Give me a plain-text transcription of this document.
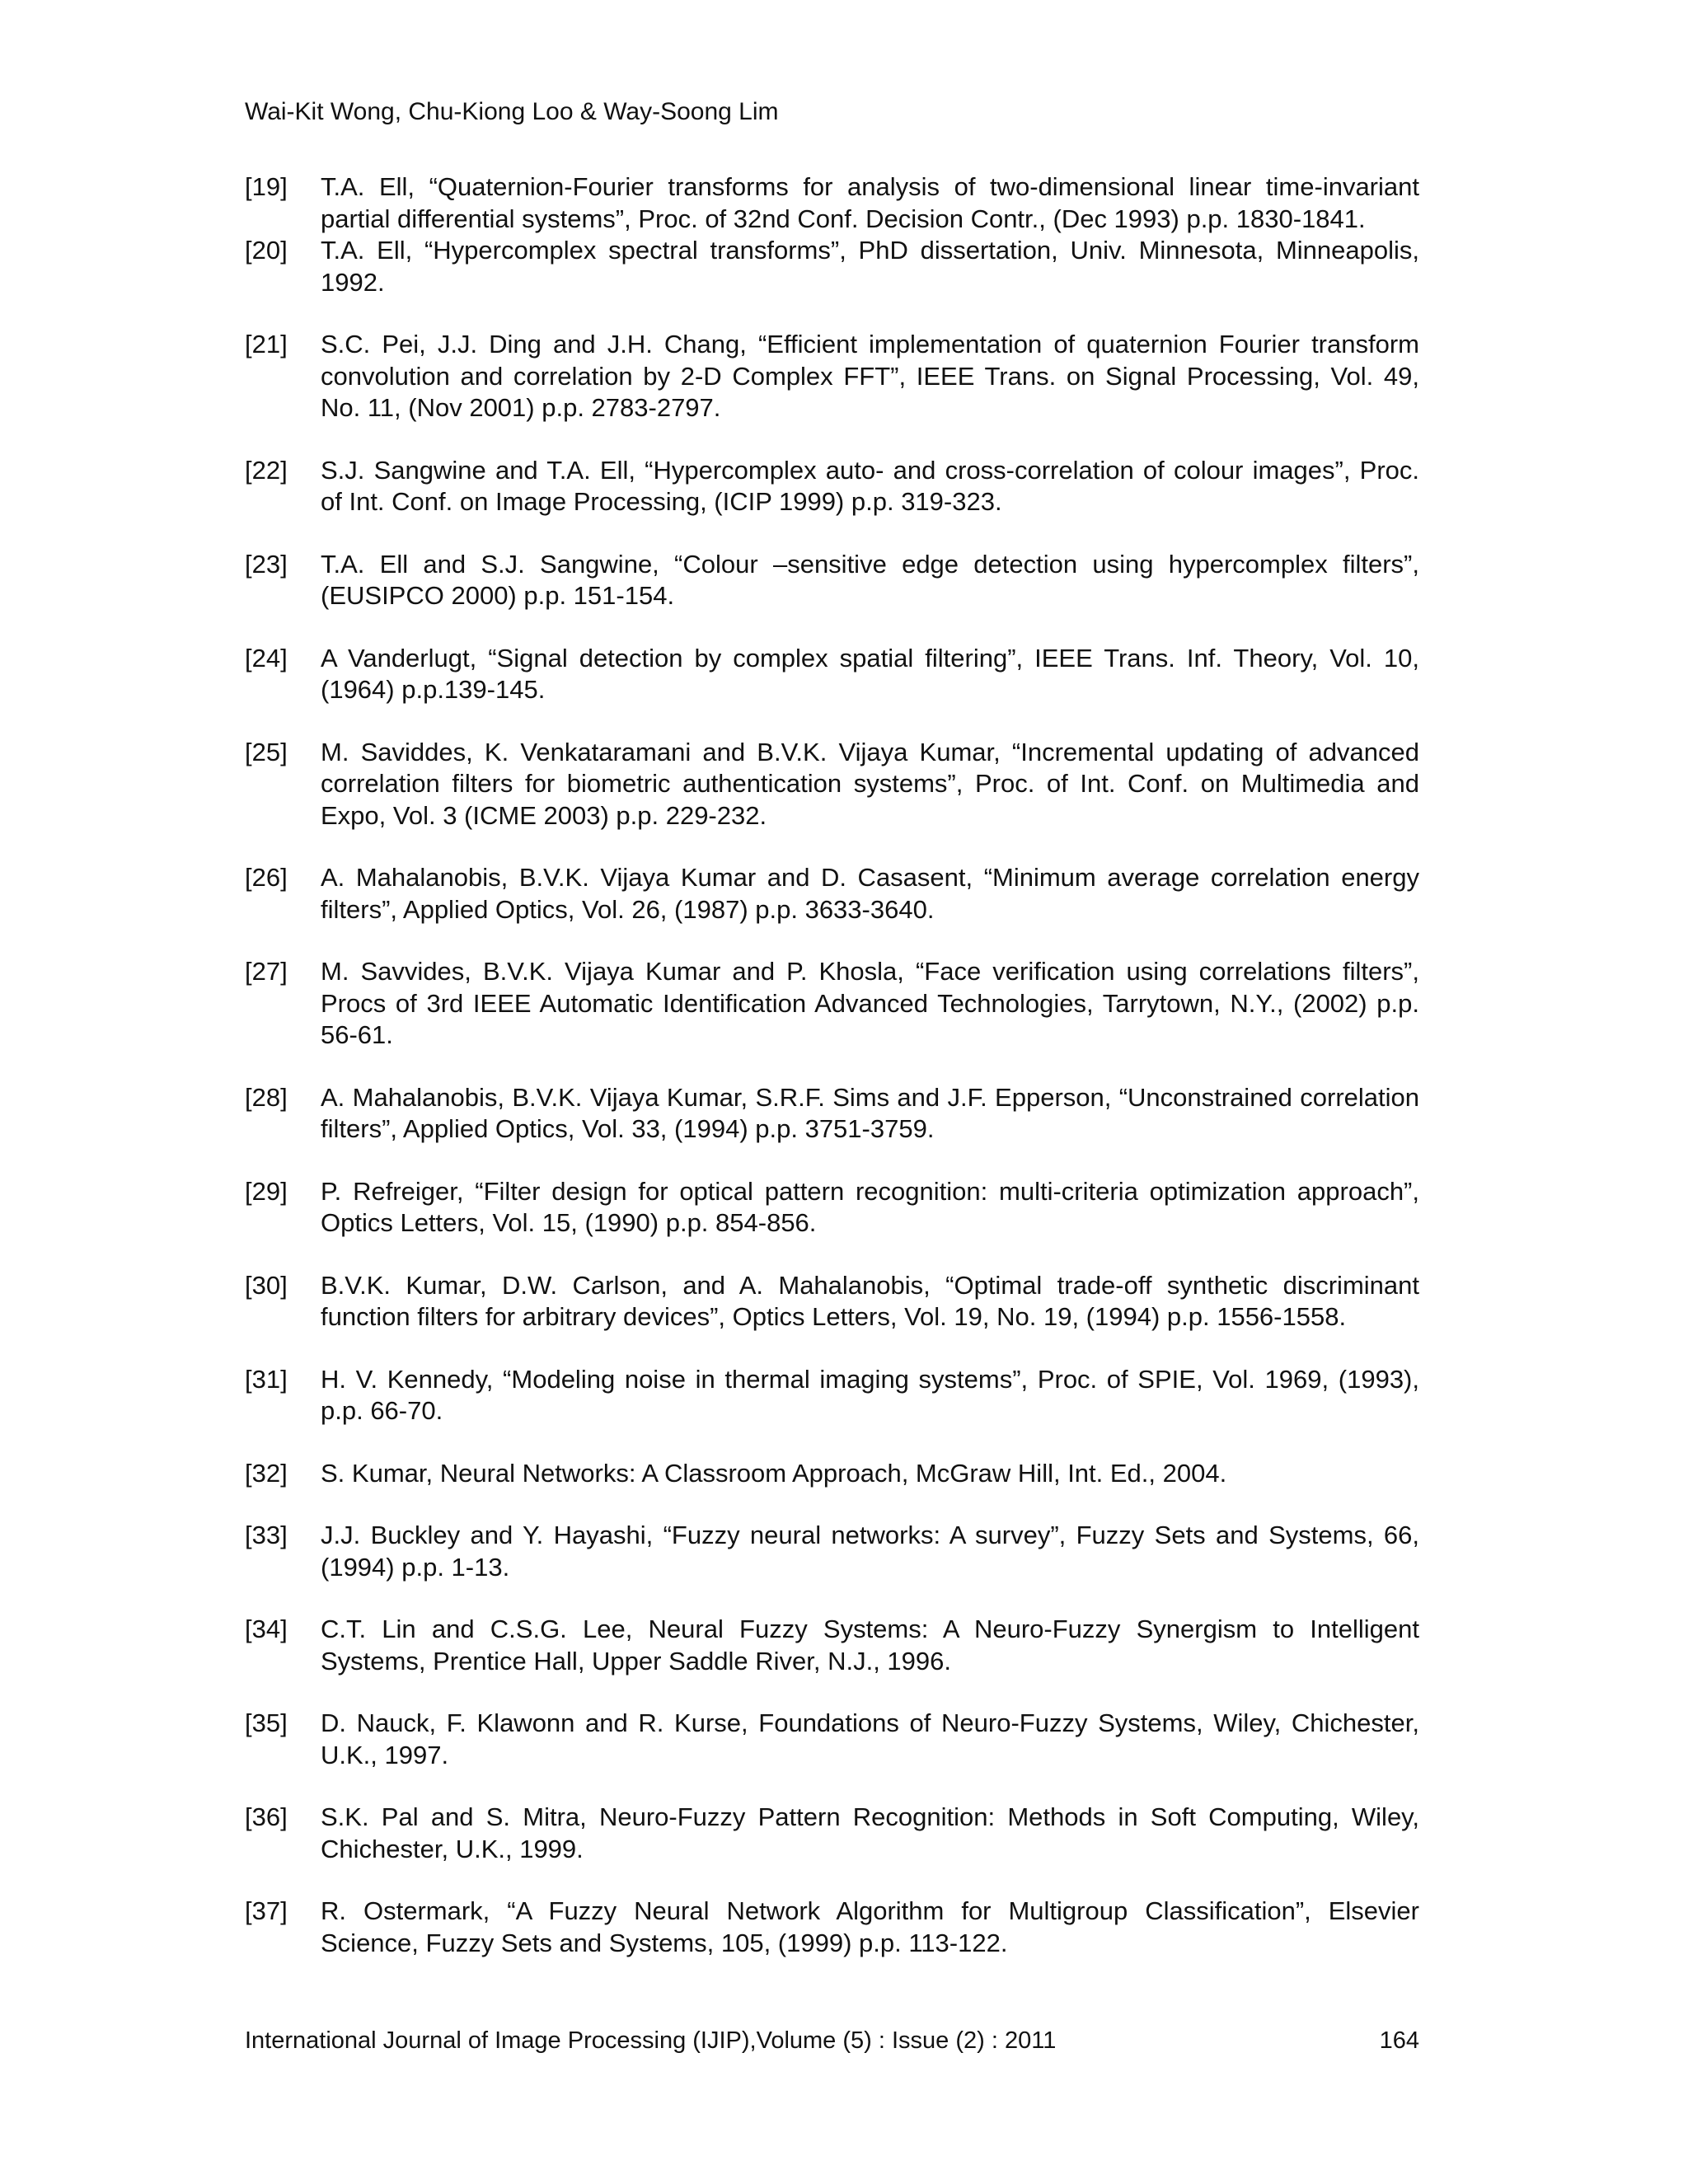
Wai-Kit Wong, Chu-Kiong Loo & Way-Soong Lim
[19] T.A. Ell, “Quaternion-Fourier transforms for analysis of two-dimensional linear time-invariant partial differential systems”, Proc. of 32nd Conf. Decision Contr., (Dec 1993) p.p. 1830-1841.
[20] T.A. Ell, “Hypercomplex spectral transforms”, PhD dissertation, Univ. Minnesota, Minneapolis, 1992.
[21] S.C. Pei, J.J. Ding and J.H. Chang, “Efficient implementation of quaternion Fourier transform convolution and correlation by 2-D Complex FFT”, IEEE Trans. on Signal Processing, Vol. 49, No. 11, (Nov 2001) p.p. 2783-2797.
[22] S.J. Sangwine and T.A. Ell, “Hypercomplex auto- and cross-correlation of colour images”, Proc. of Int. Conf. on Image Processing, (ICIP 1999) p.p. 319-323.
[23] T.A. Ell and S.J. Sangwine, “Colour –sensitive edge detection using hypercomplex filters”, (EUSIPCO 2000) p.p. 151-154.
[24] A Vanderlugt, “Signal detection by complex spatial filtering”, IEEE Trans. Inf. Theory, Vol. 10, (1964) p.p.139-145.
[25] M. Saviddes, K. Venkataramani and B.V.K. Vijaya Kumar, “Incremental updating of advanced correlation filters for biometric authentication systems”, Proc. of Int. Conf. on Multimedia and Expo, Vol. 3 (ICME 2003) p.p. 229-232.
[26] A. Mahalanobis, B.V.K. Vijaya Kumar and D. Casasent, “Minimum average correlation energy filters”, Applied Optics, Vol. 26, (1987) p.p. 3633-3640.
[27] M. Savvides, B.V.K. Vijaya Kumar and P. Khosla, “Face verification using correlations filters”, Procs of 3rd IEEE Automatic Identification Advanced Technologies, Tarrytown, N.Y., (2002) p.p. 56-61.
[28] A. Mahalanobis, B.V.K. Vijaya Kumar, S.R.F. Sims and J.F. Epperson, “Unconstrained correlation filters”, Applied Optics, Vol. 33, (1994) p.p. 3751-3759.
[29] P. Refreiger, “Filter design for optical pattern recognition: multi-criteria optimization approach”, Optics Letters, Vol. 15, (1990) p.p. 854-856.
[30] B.V.K. Kumar, D.W. Carlson, and A. Mahalanobis, “Optimal trade-off synthetic discriminant function filters for arbitrary devices”, Optics Letters, Vol. 19, No. 19, (1994) p.p. 1556-1558.
[31] H. V. Kennedy, “Modeling noise in thermal imaging systems”, Proc. of SPIE, Vol. 1969, (1993), p.p. 66-70.
[32] S. Kumar, Neural Networks: A Classroom Approach, McGraw Hill, Int. Ed., 2004.
[33] J.J. Buckley and Y. Hayashi, “Fuzzy neural networks: A survey”, Fuzzy Sets and Systems, 66, (1994) p.p. 1-13.
[34] C.T. Lin and C.S.G. Lee, Neural Fuzzy Systems: A Neuro-Fuzzy Synergism to Intelligent Systems, Prentice Hall, Upper Saddle River, N.J., 1996.
[35] D. Nauck, F. Klawonn and R. Kurse, Foundations of Neuro-Fuzzy Systems, Wiley, Chichester, U.K., 1997.
[36] S.K. Pal and S. Mitra, Neuro-Fuzzy Pattern Recognition: Methods in Soft Computing, Wiley, Chichester, U.K., 1999.
[37] R. Ostermark, “A Fuzzy Neural Network Algorithm for Multigroup Classification”, Elsevier Science, Fuzzy Sets and Systems, 105, (1999) p.p. 113-122.
International Journal of Image Processing (IJIP),Volume (5) : Issue (2) : 2011	164
